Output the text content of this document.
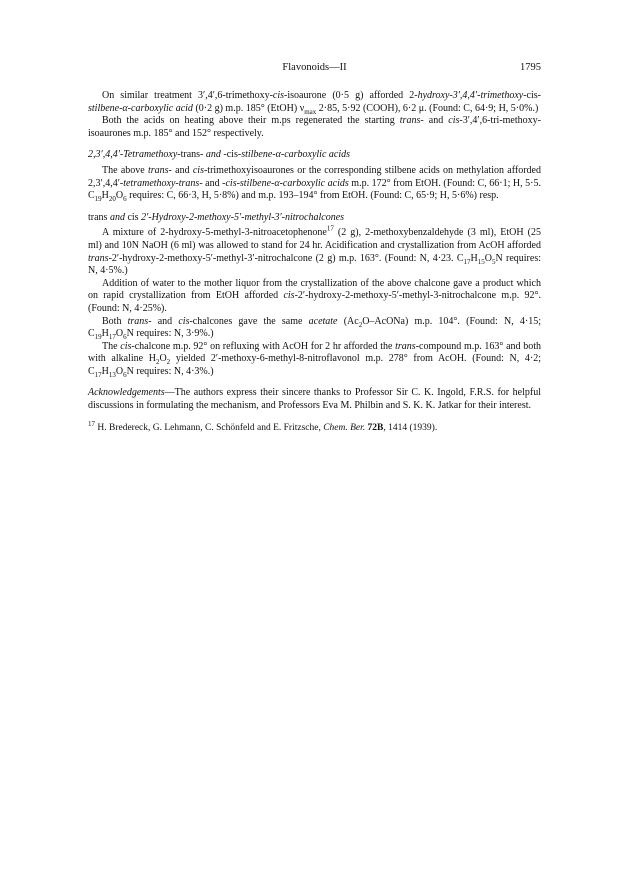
Flavonoids—II	1795

On similar treatment 3′,4′,6-trimethoxy-cis-isoaurone (0·5 g) afforded 2-hydroxy-3′,4,4′-trimethoxy-cis-stilbene-α-carboxylic acid (0·2 g) m.p. 185° (EtOH) $\nu_{max}$ 2·85, 5·92 (COOH), 6·2 μ. (Found: C, 64·9; H, 5·0%.)

Both the acids on heating above their m.ps regenerated the starting trans- and cis-3′,4′,6-tri-methoxy-isoaurones m.p. 185° and 152° respectively.

2,3′,4,4′-Tetramethoxy-trans- and -cis-stilbene-α-carboxylic acids

The above trans- and cis-trimethoxyisoaurones or the corresponding stilbene acids on methylation afforded 2,3′,4,4′-tetramethoxy-trans- and -cis-stilbene-α-carboxylic acids m.p. 172° from EtOH. (Found: C, 66·1; H, 5·5. $C_{19}H_{20}O_6$ requires: C, 66·3, H, 5·8%) and m.p. 193–194° from EtOH. (Found: C, 65·9; H, 5·6%) resp.

trans and cis 2′-Hydroxy-2-methoxy-5′-methyl-3′-nitrochalcones

A mixture of 2-hydroxy-5-methyl-3-nitroacetophenone$^{17}$ (2 g), 2-methoxybenzaldehyde (3 ml), EtOH (25 ml) and 10N NaOH (6 ml) was allowed to stand for 24 hr. Acidification and crystallization from AcOH afforded trans-2′-hydroxy-2-methoxy-5′-methyl-3′-nitrochalcone (2 g) m.p. 163°. (Found: N, 4·23. $C_{17}H_{15}O_5N$ requires: N, 4·5%.)

Addition of water to the mother liquor from the crystallization of the above chalcone gave a product which on rapid crystallization from EtOH afforded cis-2′-hydroxy-2-methoxy-5′-methyl-3-nitrochalcone m.p. 92°. (Found: N, 4·25%).

Both trans- and cis-chalcones gave the same acetate $(Ac_2O-AcONa)$ m.p. 104°. (Found: N, 4·15; $C_{19}H_{17}O_6N$ requires: N, 3·9%.)

The cis-chalcone m.p. 92° on refluxing with AcOH for 2 hr afforded the trans-compound m.p. 163° and both with alkaline $H_2O_2$ yielded 2′-methoxy-6-methyl-8-nitroflavonol m.p. 278° from AcOH. (Found: N, 4·2; $C_{17}H_{13}O_6N$ requires: N, 4·3%.)

Acknowledgements—The authors express their sincere thanks to Professor Sir C. K. Ingold, F.R.S. for helpful discussions in formulating the mechanism, and Professors Eva M. Philbin and S. K. K. Jatkar for their interest.

$^{17}$ H. Bredereck, G. Lehmann, C. Schönfeld and E. Fritzsche, Chem. Ber. 72B, 1414 (1939).
